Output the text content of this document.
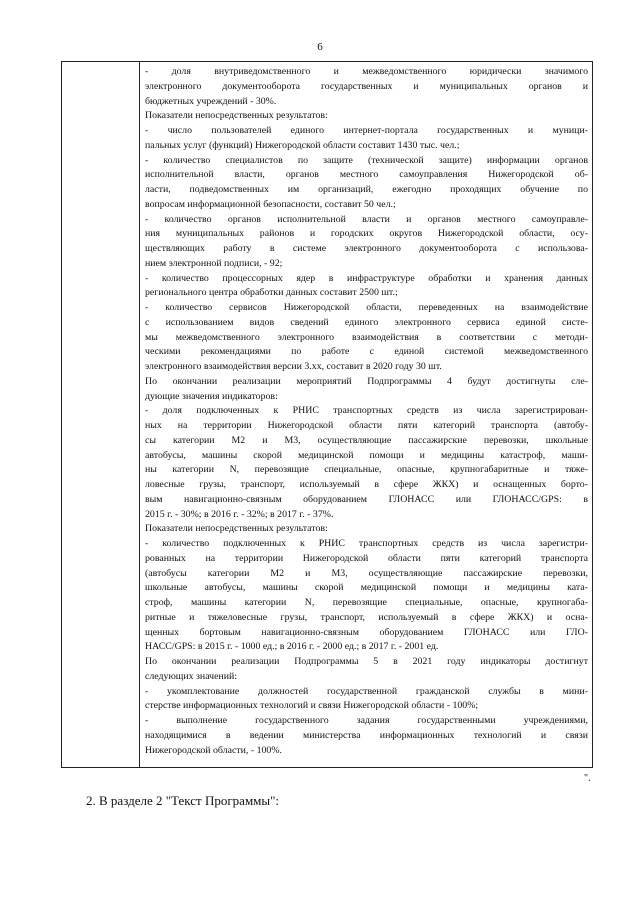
6

- доля внутриведомственного и межведомственного юридически значимого

электронного документооборота государственных и муниципальных органов и

бюджетных учреждений - 30%.

Показатели непосредственных результатов:

- число пользователей единого интернет-портала государственных и муници-

пальных услуг (функций) Нижегородской области составит 1430 тыс. чел.;

- количество специалистов по защите (технической защите) информации органов

исполнительной власти, органов местного самоуправления Нижегородской об-

ласти, подведомственных им организаций, ежегодно проходящих обучение по

вопросам информационной безопасности, составит 50 чел.;

- количество органов исполнительной власти и органов местного самоуправле-

ния муниципальных районов и городских округов Нижегородской области, осу-

ществляющих работу в системе электронного документооборота с использова-

нием электронной подписи, - 92;

- количество процессорных ядер в инфраструктуре обработки и хранения данных

регионального центра обработки данных составит 2500 шт.;

- количество сервисов Нижегородской области, переведенных на взаимодействие

с использованием видов сведений единого электронного сервиса единой систе-

мы межведомственного электронного взаимодействия в соответствии с методи-

ческими рекомендациями по работе с единой системой межведомственного

электронного взаимодействия версии 3.хх, составит в 2020 году 30 шт.

По окончании реализации мероприятий Подпрограммы 4 будут достигнуты сле-

дующие значения индикаторов:

- доля подключенных к РНИС транспортных средств из числа зарегистрирован-

ных на территории Нижегородской области пяти категорий транспорта (автобу-

сы категории М2 и М3, осуществляющие пассажирские перевозки, школьные

автобусы, машины скорой медицинской помощи и медицины катастроф, маши-

ны категории N, перевозящие специальные, опасные, крупногабаритные и тяже-

ловесные грузы, транспорт, используемый в сфере ЖКХ) и оснащенных борто-

вым навигационно-связным оборудованием ГЛОНАСС или ГЛОНАСС/GPS: в

2015 г. - 30%; в 2016 г. - 32%; в 2017 г. - 37%.

Показатели непосредственных результатов:

- количество подключенных к РНИС транспортных средств из числа зарегистри-

рованных на территории Нижегородской области пяти категорий транспорта

(автобусы категории М2 и М3, осуществляющие пассажирские перевозки,

школьные автобусы, машины скорой медицинской помощи и медицины ката-

строф, машины категории N, перевозящие специальные, опасные, крупногаба-

ритные и тяжеловесные грузы, транспорт, используемый в сфере ЖКХ) и осна-

щенных бортовым навигационно-связным оборудованием ГЛОНАСС или ГЛО-

НАСС/GPS: в 2015 г. - 1000 ед.; в 2016 г. - 2000 ед.; в 2017 г. - 2001 ед.

По окончании реализации Подпрограммы 5 в 2021 году индикаторы достигнут

следующих значений:

- укомплектование должностей государственной гражданской службы в мини-

стерстве информационных технологий и связи Нижегородской области - 100%;

- выполнение государственного задания государственными учреждениями,

находящимися в ведении министерства информационных технологий и связи

Нижегородской области, - 100%.

".
2. В разделе 2 "Текст Программы":
